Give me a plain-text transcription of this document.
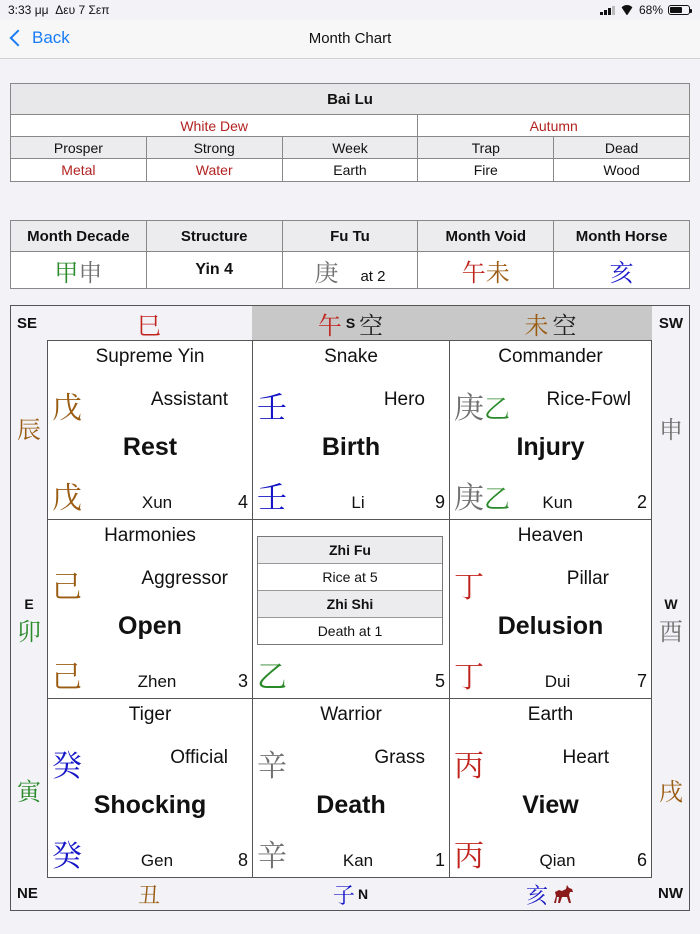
3:33 μμ Δευ 7 Σεπ	68%
Back	Month Chart
Bai Lu				
White Dew			Autumn	
Prosper	Strong	Week	Trap	Dead
Metal	Water	Earth	Fire	Wood
Month Decade	Structure	Fu Tu	Month Void	Month Horse
甲申	Yin 4	庚 at 2	午未	亥
SE	SW
NE	NW
巳	午 S 空	未 空
辰
E
卯
寅
申
W
酉
戌
丑	子 N	亥
Supreme Yin
戊	Assistant
Rest
戊	Xun	4
Snake
壬	Hero
Birth
壬	Li	9
Commander
庚乙 Rice-Fowl
Injury
庚乙	Kun	2
Harmonies
己	Aggressor
Open
己	Zhen	3
Zhi Fu
Rice at 5
Zhi Shi
Death at 1
乙	5
Heaven
丁	Pillar
Delusion
丁	Dui	7
Tiger
癸	Official
Shocking
癸	Gen	8
Warrior
辛	Grass
Death
辛	Kan	1
Earth
丙	Heart
View
丙	Qian	6
